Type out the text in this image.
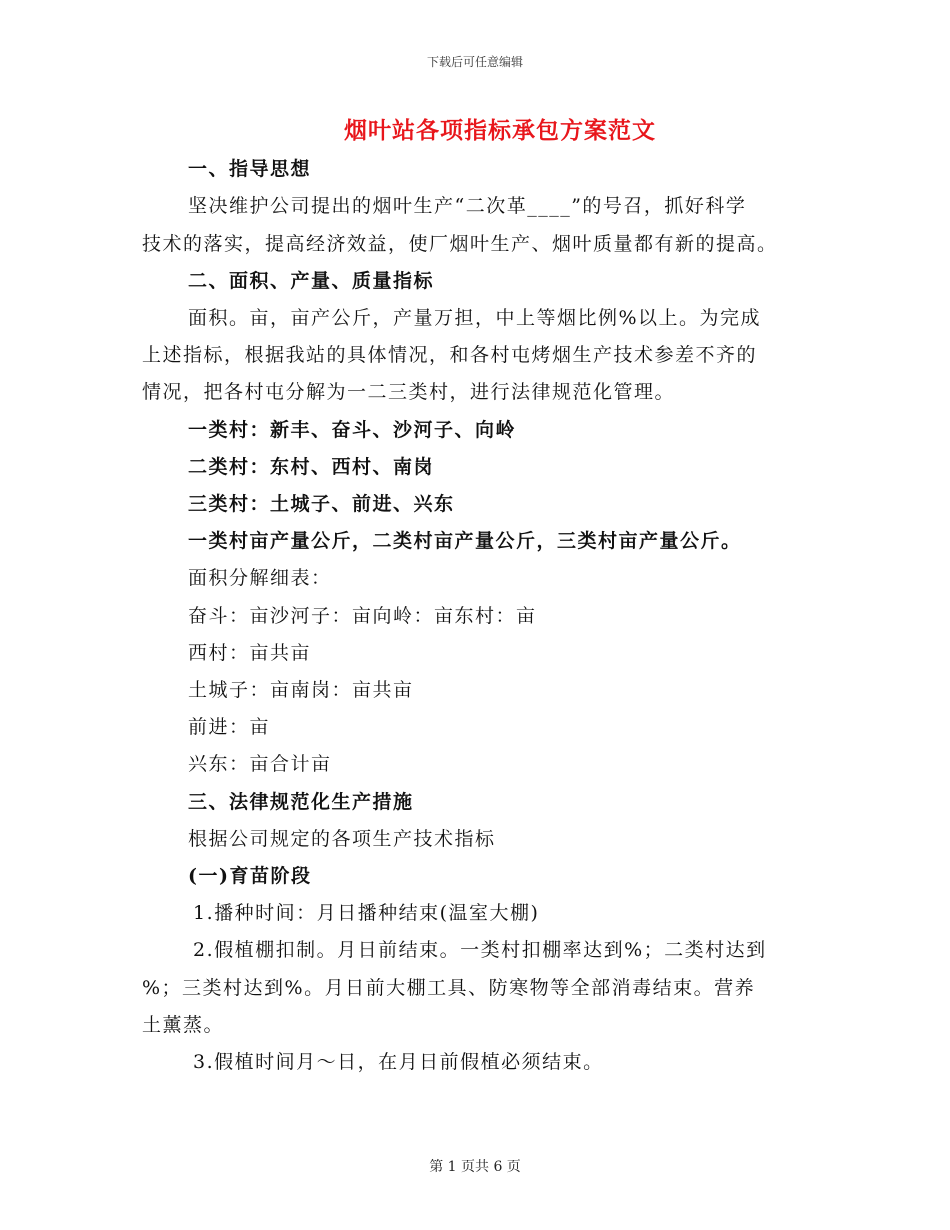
下载后可任意编辑
烟叶站各项指标承包方案范文
一、指导思想
坚决维护公司提出的烟叶生产“二次革____”的号召，抓好科学
技术的落实，提高经济效益，使厂烟叶生产、烟叶质量都有新的提高。
二、面积、产量、质量指标
面积。亩，亩产公斤，产量万担，中上等烟比例%以上。为完成
上述指标，根据我站的具体情况，和各村屯烤烟生产技术参差不齐的
情况，把各村屯分解为一二三类村，进行法律规范化管理。
一类村：新丰、奋斗、沙河子、向岭
二类村：东村、西村、南岗
三类村：土城子、前进、兴东
一类村亩产量公斤，二类村亩产量公斤，三类村亩产量公斤。
面积分解细表：
奋斗：亩沙河子：亩向岭：亩东村：亩
西村：亩共亩
土城子：亩南岗：亩共亩
前进：亩
兴东：亩合计亩
三、法律规范化生产措施
根据公司规定的各项生产技术指标
(一)育苗阶段
1.播种时间：月日播种结束(温室大棚)
2.假植棚扣制。月日前结束。一类村扣棚率达到%；二类村达到
%；三类村达到%。月日前大棚工具、防寒物等全部消毒结束。营养
土薰蒸。
3.假植时间月～日，在月日前假植必须结束。
第 1 页共 6 页
